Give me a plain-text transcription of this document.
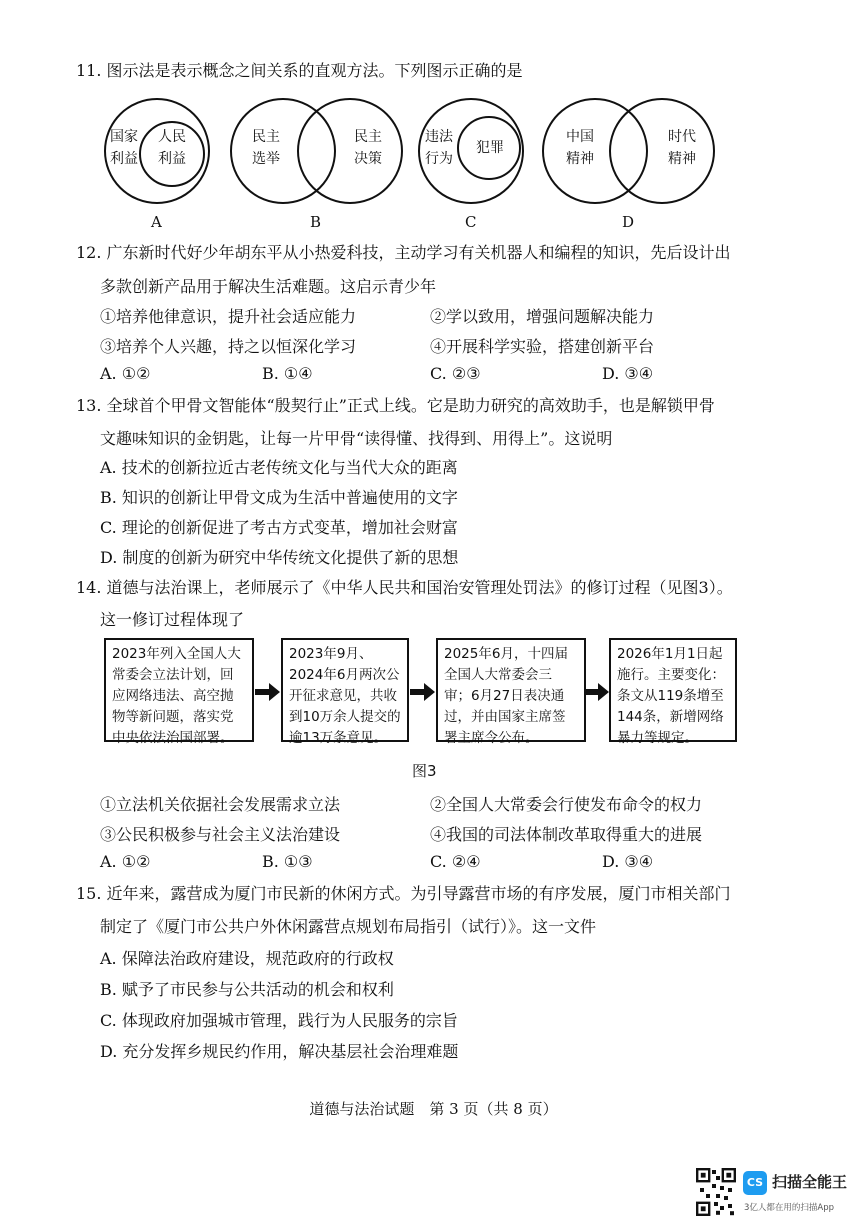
11. 图示法是表示概念之间关系的直观方法。下列图示正确的是
国家
利益
人民
利益
A
民主
选举
民主
决策
B
违法
行为
犯罪
C
中国
精神
时代
精神
D
12. 广东新时代好少年胡东平从小热爱科技，主动学习有关机器人和编程的知识，先后设计出
多款创新产品用于解决生活难题。这启示青少年
①培养他律意识，提升社会适应能力	②学以致用，增强问题解决能力
③培养个人兴趣，持之以恒深化学习	④开展科学实验，搭建创新平台
A. ①②	B. ①④	C. ②③	D. ③④
13. 全球首个甲骨文智能体“殷契行止”正式上线。它是助力研究的高效助手，也是解锁甲骨
文趣味知识的金钥匙，让每一片甲骨“读得懂、找得到、用得上”。这说明
A. 技术的创新拉近古老传统文化与当代大众的距离
B. 知识的创新让甲骨文成为生活中普遍使用的文字
C. 理论的创新促进了考古方式变革，增加社会财富
D. 制度的创新为研究中华传统文化提供了新的思想
14. 道德与法治课上，老师展示了《中华人民共和国治安管理处罚法》的修订过程（见图3）。
这一修订过程体现了
2023年列入全国人大常委会立法计划，回应网络违法、高空抛物等新问题，落实党中央依法治国部署。
2023年9月、2024年6月两次公开征求意见，共收到10万余人提交的逾13万条意见。
2025年6月，十四届全国人大常委会三审；6月27日表决通过，并由国家主席签署主席令公布。
2026年1月1日起施行。主要变化：条文从119条增至144条，新增网络暴力等规定。
图3
①立法机关依据社会发展需求立法	②全国人大常委会行使发布命令的权力
③公民积极参与社会主义法治建设	④我国的司法体制改革取得重大的进展
A. ①②	B. ①③	C. ②④	D. ③④
15. 近年来，露营成为厦门市民新的休闲方式。为引导露营市场的有序发展，厦门市相关部门
制定了《厦门市公共户外休闲露营点规划布局指引（试行）》。这一文件
A. 保障法治政府建设，规范政府的行政权
B. 赋予了市民参与公共活动的机会和权利
C. 体现政府加强城市管理，践行为人民服务的宗旨
D. 充分发挥乡规民约作用，解决基层社会治理难题
道德与法治试题　第 3 页（共 8 页）
CS 扫描全能王
3亿人都在用的扫描App
